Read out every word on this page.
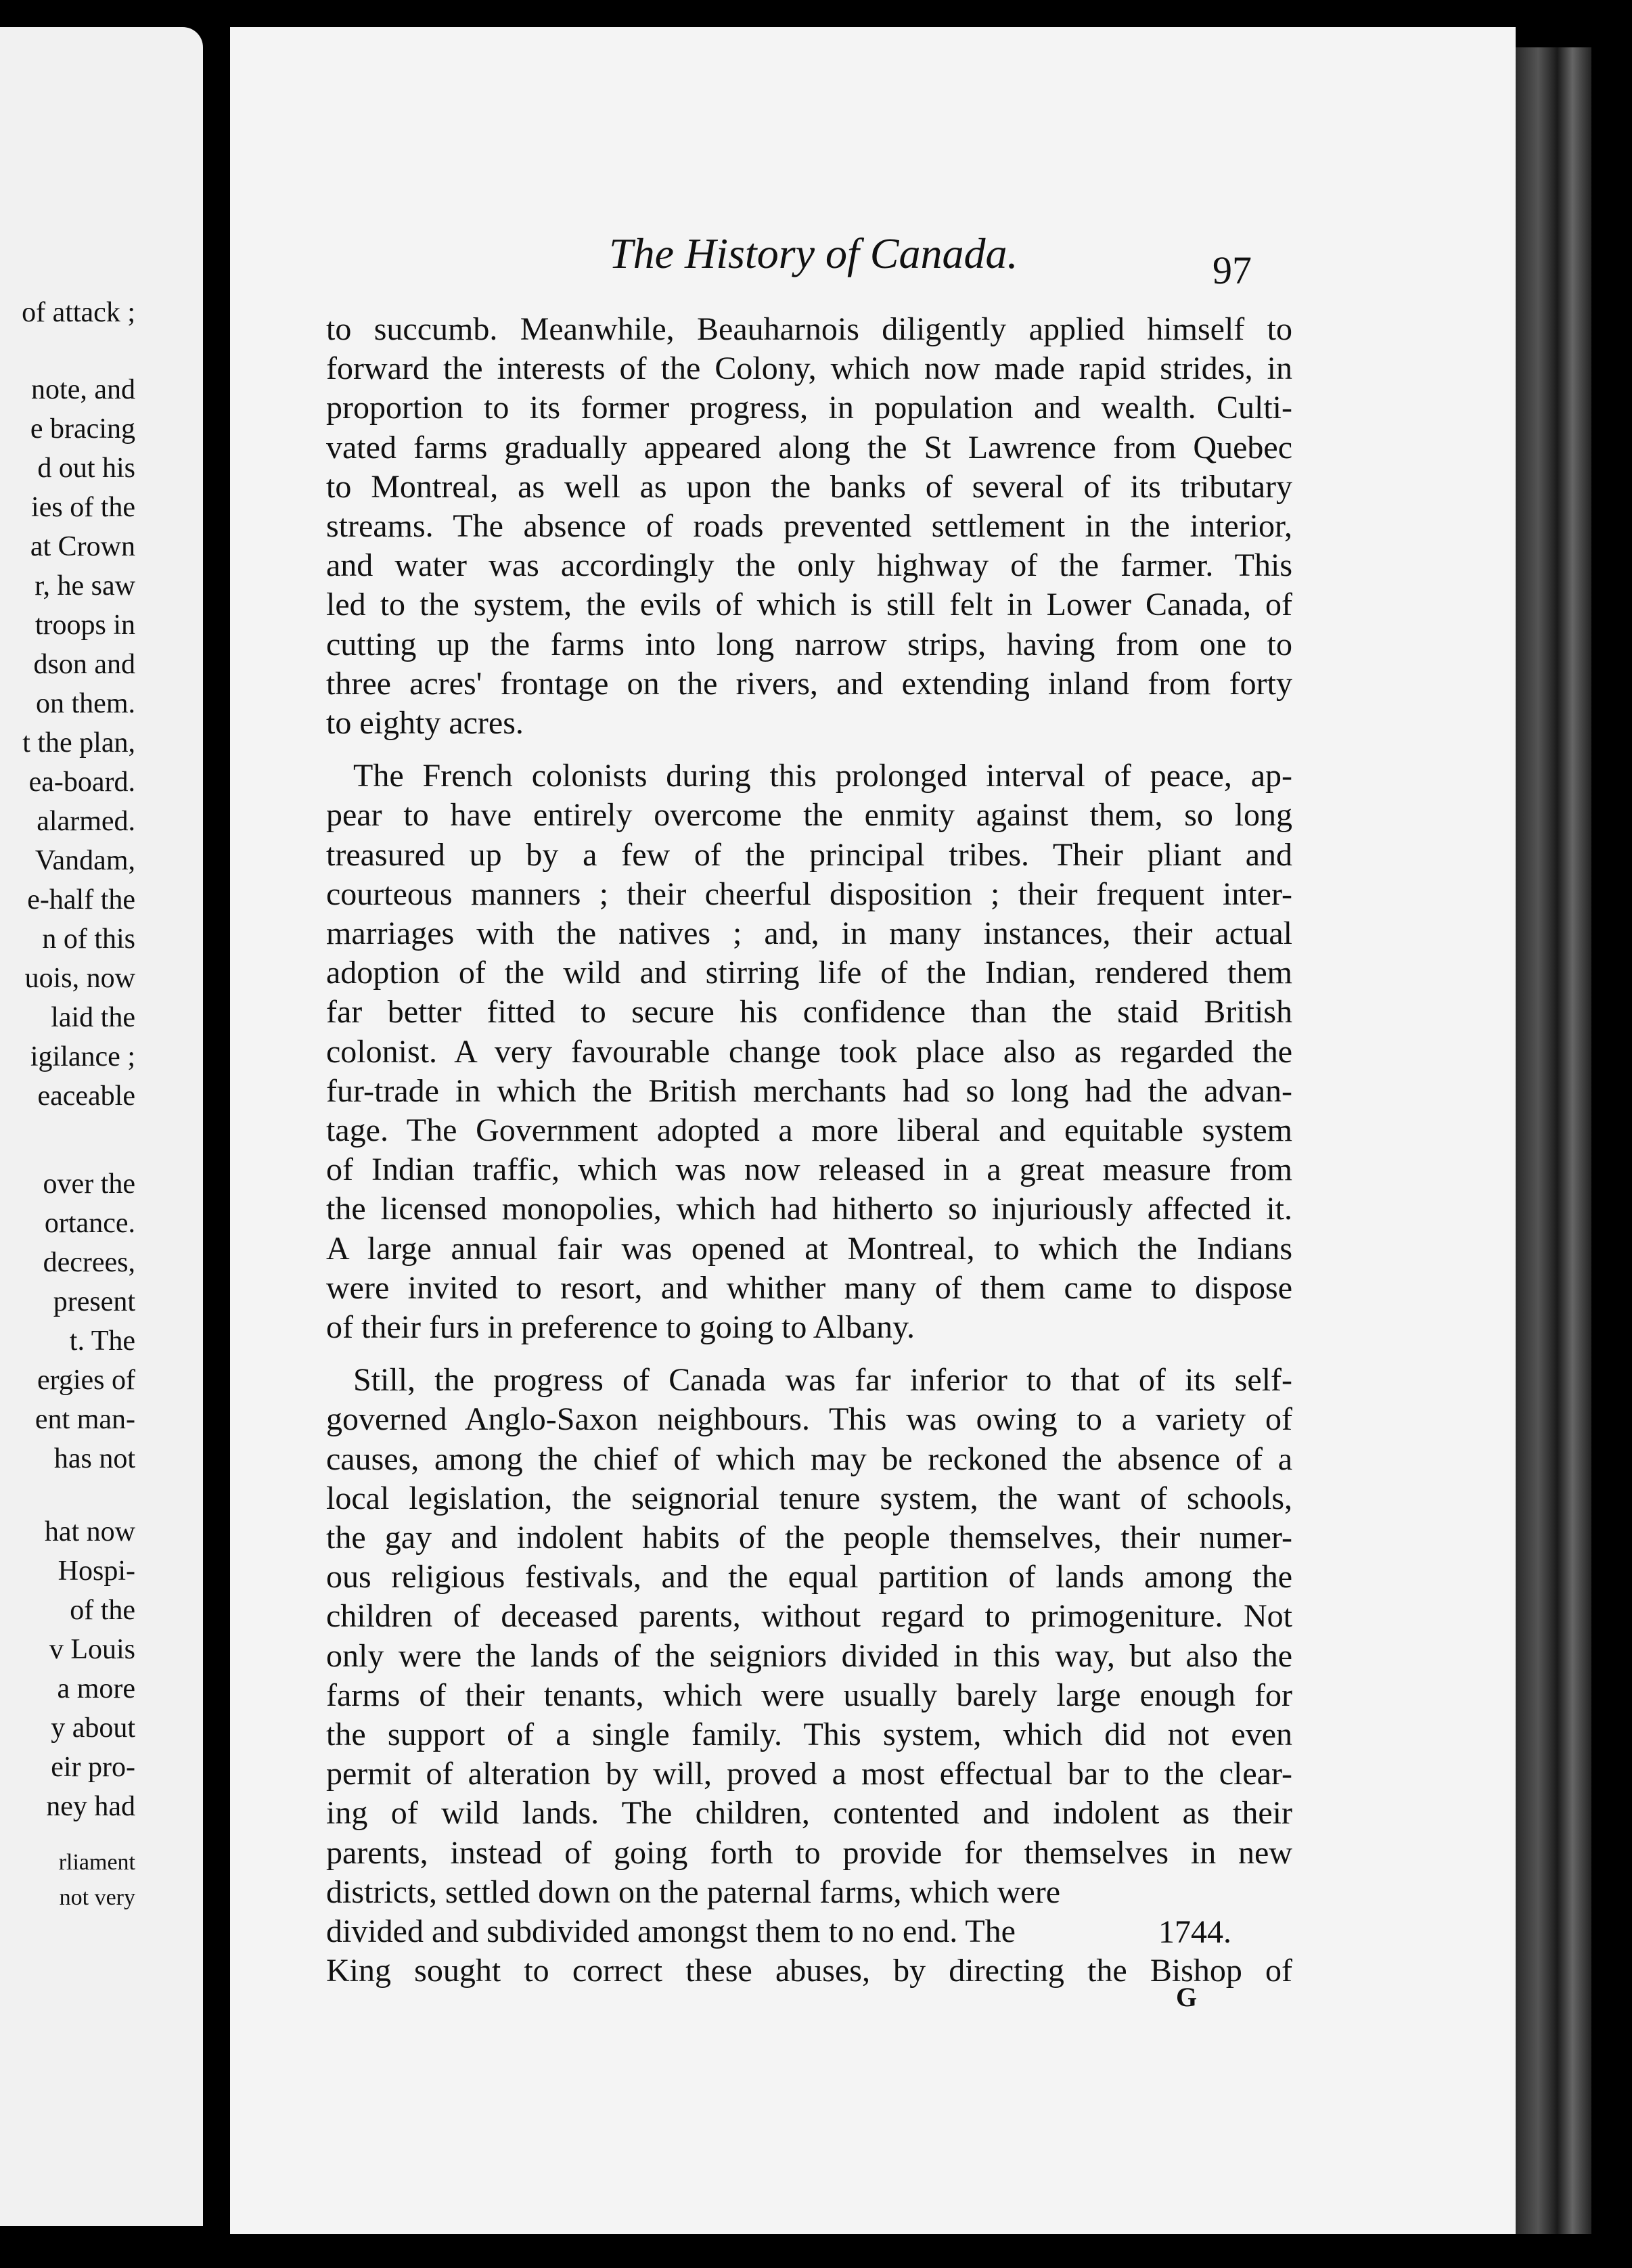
The History of Canada.	97
of attack ;
note, and
e bracing
d out his
ies of the
at Crown
r, he saw
troops in
dson and
on them.
t the plan,
ea-board.
alarmed.
Vandam,
e-half the
n of this
uois, now
laid the
igilance ;
eaceable
over the
ortance.
decrees,
present
t. The
ergies of
ent man-
has not
hat now
Hospi-
of the
v Louis
a more
y about
eir pro-
ney had
rliament
not very
to succumb. Meanwhile, Beauharnois diligently applied himself to
forward the interests of the Colony, which now made rapid strides, in
proportion to its former progress, in population and wealth. Culti-
vated farms gradually appeared along the St Lawrence from Quebec
to Montreal, as well as upon the banks of several of its tributary
streams. The absence of roads prevented settlement in the interior,
and water was accordingly the only highway of the farmer. This
led to the system, the evils of which is still felt in Lower Canada, of
cutting up the farms into long narrow strips, having from one to
three acres' frontage on the rivers, and extending inland from forty
to eighty acres.
The French colonists during this prolonged interval of peace, ap-
pear to have entirely overcome the enmity against them, so long
treasured up by a few of the principal tribes. Their pliant and
courteous manners ; their cheerful disposition ; their frequent inter-
marriages with the natives ; and, in many instances, their actual
adoption of the wild and stirring life of the Indian, rendered them
far better fitted to secure his confidence than the staid British
colonist. A very favourable change took place also as regarded the
fur-trade in which the British merchants had so long had the advan-
tage. The Government adopted a more liberal and equitable system
of Indian traffic, which was now released in a great measure from
the licensed monopolies, which had hitherto so injuriously affected it.
A large annual fair was opened at Montreal, to which the Indians
were invited to resort, and whither many of them came to dispose
of their furs in preference to going to Albany.
Still, the progress of Canada was far inferior to that of its self-
governed Anglo-Saxon neighbours. This was owing to a variety of
causes, among the chief of which may be reckoned the absence of a
local legislation, the seignorial tenure system, the want of schools,
the gay and indolent habits of the people themselves, their numer-
ous religious festivals, and the equal partition of lands among the
children of deceased parents, without regard to primogeniture. Not
only were the lands of the seigniors divided in this way, but also the
farms of their tenants, which were usually barely large enough for
the support of a single family. This system, which did not even
permit of alteration by will, proved a most effectual bar to the clear-
ing of wild lands. The children, contented and indolent as their
parents, instead of going forth to provide for themselves in new
districts, settled down on the paternal farms, which were
divided and subdivided amongst them to no end. The
King sought to correct these abuses, by directing the Bishop of
1744.
G
